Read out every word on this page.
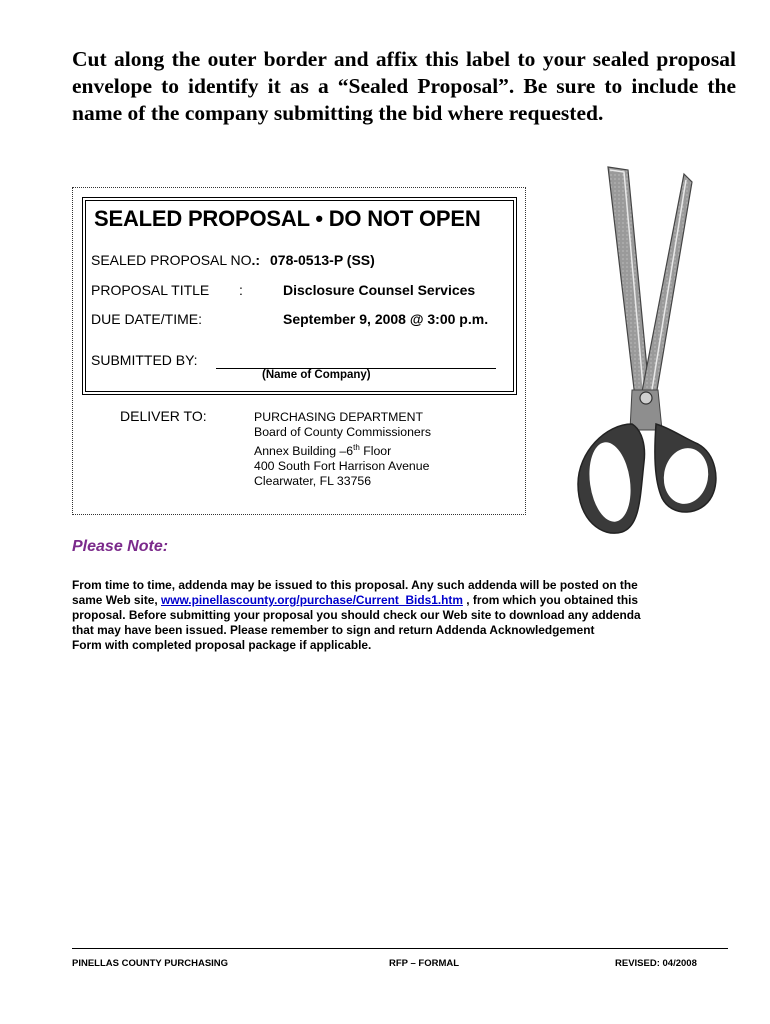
Cut along the outer border and affix this label to your sealed proposal envelope to identify it as a “Sealed Proposal”. Be sure to include the name of the company submitting the bid where requested.
SEALED PROPOSAL • DO NOT OPEN
SEALED PROPOSAL NO.: 078-0513-P (SS)
PROPOSAL TITLE :	Disclosure Counsel Services
DUE DATE/TIME:	September 9, 2008 @ 3:00 p.m.
SUBMITTED BY:
(Name of Company)
DELIVER TO:	PURCHASING DEPARTMENT
Board of County Commissioners
Annex Building –6th Floor
400 South Fort Harrison Avenue
Clearwater, FL 33756
Please Note:
From time to time, addenda may be issued to this proposal. Any such addenda will be posted on the
same Web site, www.pinellascounty.org/purchase/Current_Bids1.htm , from which you obtained this
proposal. Before submitting your proposal you should check our Web site to download any addenda
that may have been issued. Please remember to sign and return Addenda Acknowledgement
Form with completed proposal package if applicable.
PINELLAS COUNTY PURCHASING	RFP – FORMAL	REVISED: 04/2008
